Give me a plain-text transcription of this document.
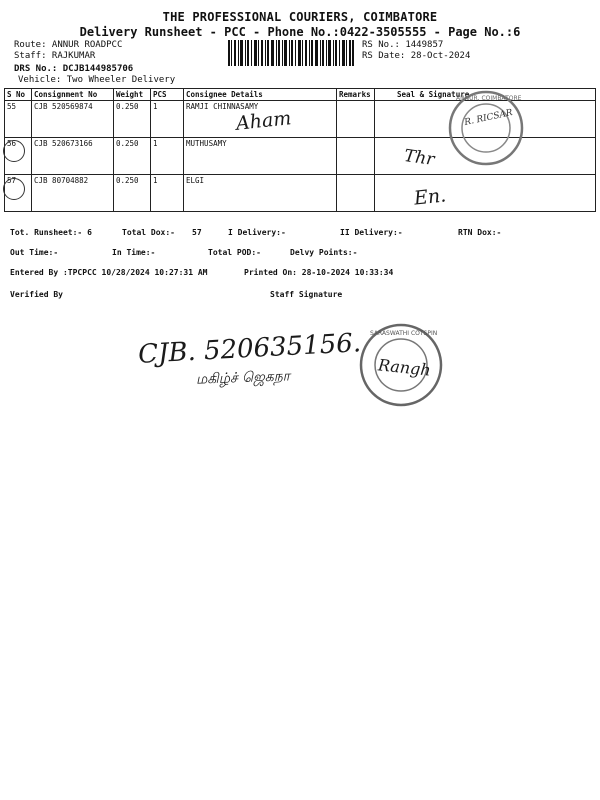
THE PROFESSIONAL COURIERS, COIMBATORE
Delivery Runsheet - PCC - Phone No.:0422-3505555 - Page No.:6
Route: ANNUR ROADPCC
Staff: RAJKUMAR
DRS No.: DCJB144985706
Vehicle: Two Wheeler Delivery
RS No.: 1449857
RS Date: 28-Oct-2024
S No	Consignment No	Weight	PCS	Consignee Details	Remarks	Seal & Signature
55	CJB 520569874	0.250	1	RAMJI CHINNASAMY		
56	CJB 520673166	0.250	1	MUTHUSAMY		
57	CJB 80704882	0.250	1	ELGI		
Tot. Runsheet:- 6	Total Dox:- 57	I Delivery:-	II Delivery:-	RTN Dox:-
Out Time:-	In Time:-	Total POD:-	Delvy Points:-
Entered By :TPCPCC 10/28/2024 10:27:31 AM	Printed On: 28-10-2024 10:33:34
Verified By	Staff Signature
Aham
Thr
En.
ANNUR, COIMBATORE
R. RICSAR
CJB. 520635156.
மகிழ்ச் ஜெகநா
SARASWATHI COTSPIN
Rangh
